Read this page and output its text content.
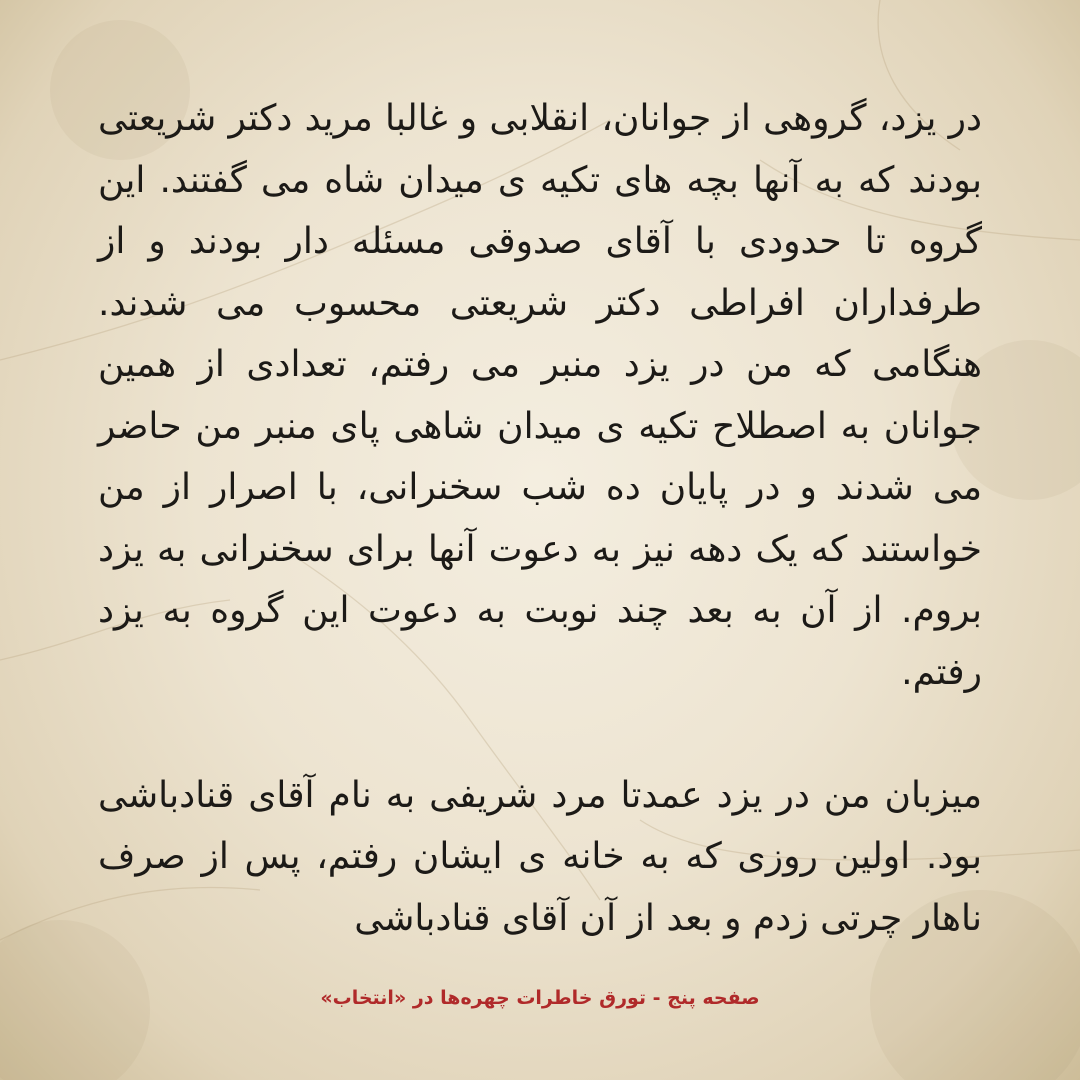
در یزد، گروهی از جوانان، انقلابی و غالبا مرید دکتر شریعتی بودند که به آنها بچه های تکیه ی میدان شاه می گفتند. این گروه تا حدودی با آقای صدوقی مسئله دار بودند و از طرفداران افراطی دکتر شریعتی محسوب می شدند. هنگامی که من در یزد منبر می رفتم، تعدادی از همین جوانان به اصطلاح تکیه ی میدان شاهی پای منبر من حاضر می شدند و در پایان ده شب سخنرانی، با اصرار از من خواستند که یک دهه نیز به دعوت آنها برای سخنرانی به یزد بروم. از آن به بعد چند نوبت به دعوت این گروه به یزد رفتم.

میزبان من در یزد عمدتا مرد شریفی به نام آقای قنادباشی بود. اولین روزی که به خانه ی ایشان رفتم، پس از صرف ناهار چرتی زدم و بعد از آن آقای قنادباشی

صفحه پنج - تورق خاطرات چهره‌ها در «انتخاب»
